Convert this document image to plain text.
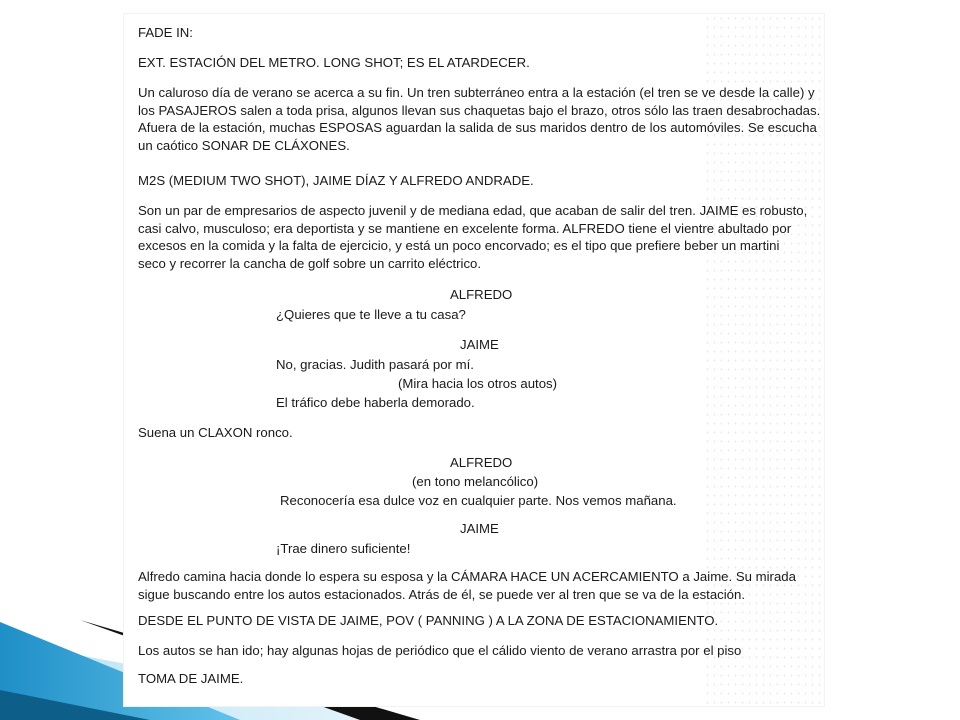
FADE IN:
EXT. ESTACIÓN DEL METRO. LONG SHOT; ES EL ATARDECER.
Un caluroso día de verano se acerca a su fin. Un tren subterráneo entra a la estación (el tren se ve desde la calle) y
los PASAJEROS salen a toda prisa, algunos llevan sus chaquetas bajo el brazo, otros sólo las traen desabrochadas.
Afuera de la estación, muchas ESPOSAS aguardan la salida de sus maridos dentro de los automóviles. Se escucha
un caótico SONAR DE CLÁXONES.
M2S (MEDIUM TWO SHOT), JAIME DÍAZ Y ALFREDO ANDRADE.
Son un par de empresarios de aspecto juvenil y de mediana edad, que acaban de salir del tren. JAIME es robusto,
casi calvo, musculoso; era deportista y se mantiene en excelente forma. ALFREDO tiene el vientre abultado por
excesos en la comida y la falta de ejercicio, y está un poco encorvado; es el tipo que prefiere beber un martini
seco y recorrer la cancha de golf sobre un carrito eléctrico.
ALFREDO
¿Quieres que te lleve a tu casa?
JAIME
No, gracias. Judith pasará por mí.
(Mira hacia los otros autos)
El tráfico debe haberla demorado.
Suena un CLAXON ronco.
ALFREDO
(en tono melancólico)
Reconocería esa dulce voz en cualquier parte. Nos vemos mañana.
JAIME
¡Trae dinero suficiente!
Alfredo camina hacia donde lo espera su esposa y la CÁMARA HACE UN ACERCAMIENTO a Jaime. Su mirada
sigue buscando entre los autos estacionados. Atrás de él, se puede ver al tren que se va de la estación.
DESDE EL PUNTO DE VISTA DE JAIME, POV ( PANNING ) A LA ZONA DE ESTACIONAMIENTO.
Los autos se han ido; hay algunas hojas de periódico que el cálido viento de verano arrastra por el piso
TOMA DE JAIME.
